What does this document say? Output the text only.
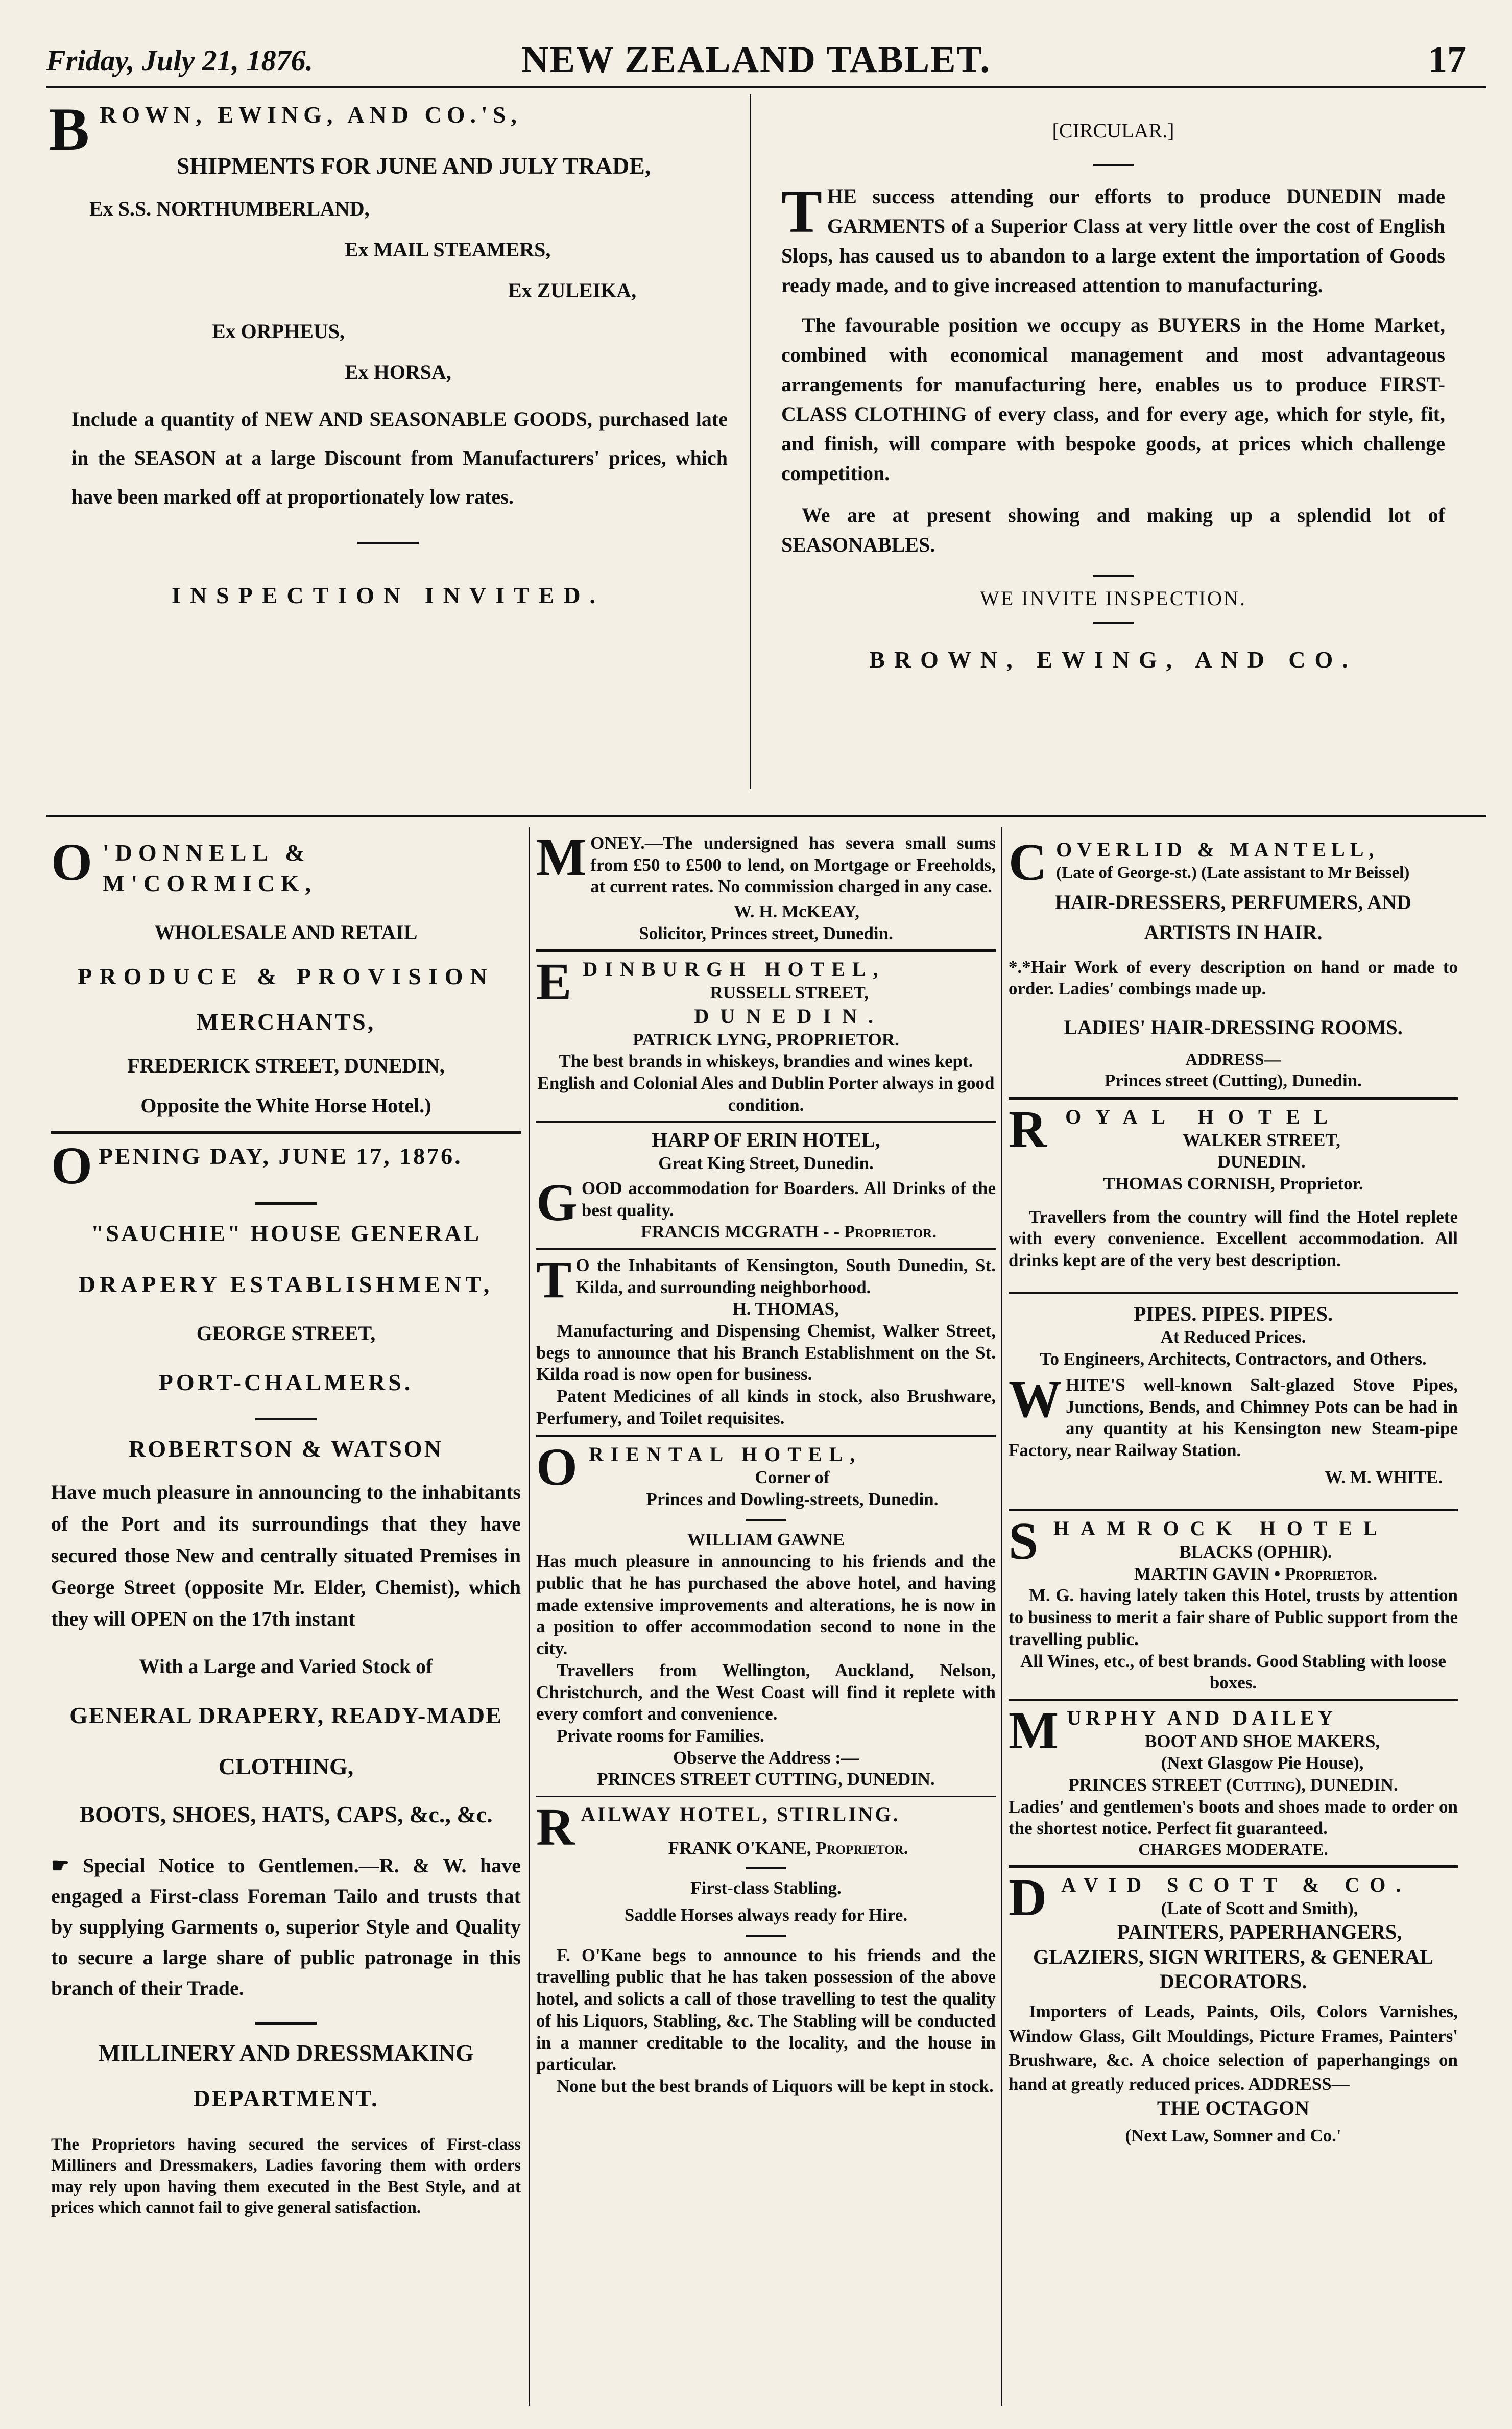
Friday, July 21, 1876.	NEW ZEALAND TABLET.	17

B ROWN, EWING, AND CO.'S,

SHIPMENTS FOR JUNE AND JULY TRADE,

Ex S.S. NORTHUMBERLAND,

Ex MAIL STEAMERS,

Ex ZULEIKA,

Ex ORPHEUS,

Ex HORSA,

Include a quantity of NEW AND SEASONABLE GOODS, purchased late in the SEASON at a large Discount from Manufacturers' prices, which have been marked off at proportionately low rates.

INSPECTION INVITED.

[CIRCULAR.]

T HE success attending our efforts to produce DUNEDIN made GARMENTS of a Superior Class at very little over the cost of English Slops, has caused us to abandon to a large extent the importation of Goods ready made, and to give increased attention to manufacturing.

The favourable position we occupy as BUYERS in the Home Market, combined with economical management and most advantageous arrangements for manufacturing here, enables us to produce FIRST-CLASS CLOTHING of every class, and for every age, which for style, fit, and finish, will compare with bespoke goods, at prices which challenge competition.

We are at present showing and making up a splendid lot of SEASONABLES.

WE INVITE INSPECTION.

BROWN, EWING, AND CO.

O 'DONNELL & M'CORMICK,

WHOLESALE AND RETAIL

PRODUCE & PROVISION

MERCHANTS,

FREDERICK STREET, DUNEDIN,

Opposite the White Horse Hotel.)

O PENING DAY, JUNE 17, 1876.

"SAUCHIE" HOUSE GENERAL

DRAPERY ESTABLISHMENT,

GEORGE STREET,

PORT-CHALMERS.

ROBERTSON & WATSON

Have much pleasure in announcing to the inhabitants of the Port and its surroundings that they have secured those New and centrally situated Premises in George Street (opposite Mr. Elder, Chemist), which they will OPEN on the 17th instant

With a Large and Varied Stock of

GENERAL DRAPERY, READY-MADE

CLOTHING,

BOOTS, SHOES, HATS, CAPS, &c., &c.

☛ Special Notice to Gentlemen.—R. & W. have engaged a First-class Foreman Tailo and trusts that by supplying Garments o, superior Style and Quality to secure a large share of public patronage in this branch of their Trade.

MILLINERY AND DRESSMAKING

DEPARTMENT.

The Proprietors having secured the services of First-class Milliners and Dressmakers, Ladies favoring them with orders may rely upon having them executed in the Best Style, and at prices which cannot fail to give general satisfaction.

M ONEY.—The undersigned has severa small sums from £50 to £500 to lend, on Mortgage or Freeholds, at current rates. No commission charged in any case.

W. H. McKEAY,

Solicitor, Princes street, Dunedin.

E DINBURGH HOTEL,

RUSSELL STREET,

DUNEDIN.

PATRICK LYNG, PROPRIETOR.

The best brands in whiskeys, brandies and wines kept.

English and Colonial Ales and Dublin Porter always in good condition.

HARP OF ERIN HOTEL,

Great King Street, Dunedin.

G OOD accommodation for Boarders. All Drinks of the best quality.

FRANCIS MCGRATH - - Proprietor.

T O the Inhabitants of Kensington, South Dunedin, St. Kilda, and surrounding neighborhood.

H. THOMAS,

Manufacturing and Dispensing Chemist, Walker Street, begs to announce that his Branch Establishment on the St. Kilda road is now open for business.

Patent Medicines of all kinds in stock, also Brushware, Perfumery, and Toilet requisites.

O RIENTAL HOTEL,

Corner of

Princes and Dowling-streets, Dunedin.

WILLIAM GAWNE

Has much pleasure in announcing to his friends and the public that he has purchased the above hotel, and having made extensive improvements and alterations, he is now in a position to offer accommodation second to none in the city.

Travellers from Wellington, Auckland, Nelson, Christchurch, and the West Coast will find it replete with every comfort and convenience.

Private rooms for Families.

Observe the Address :—

PRINCES STREET CUTTING, DUNEDIN.

R AILWAY HOTEL, STIRLING.

FRANK O'KANE, Proprietor.

First-class Stabling.

Saddle Horses always ready for Hire.

F. O'Kane begs to announce to his friends and the travelling public that he has taken possession of the above hotel, and solicts a call of those travelling to test the quality of his Liquors, Stabling, &c. The Stabling will be conducted in a manner creditable to the locality, and the house in particular.

None but the best brands of Liquors will be kept in stock.

C OVERLID & MANTELL,

(Late of George-st.) (Late assistant to Mr Beissel)

HAIR-DRESSERS, PERFUMERS, AND

ARTISTS IN HAIR.

*.*Hair Work of every description on hand or made to order. Ladies' combings made up.

LADIES' HAIR-DRESSING ROOMS.

ADDRESS—

Princes street (Cutting), Dunedin.

R OYAL HOTEL

WALKER STREET,

DUNEDIN.

THOMAS CORNISH, Proprietor.

Travellers from the country will find the Hotel replete with every convenience. Excellent accommodation. All drinks kept are of the very best description.

PIPES. PIPES. PIPES.

At Reduced Prices.

To Engineers, Architects, Contractors, and Others.

W HITE'S well-known Salt-glazed Stove Pipes, Junctions, Bends, and Chimney Pots can be had in any quantity at his Kensington new Steam-pipe Factory, near Railway Station.

W. M. WHITE.

S HAMROCK HOTEL

BLACKS (OPHIR).

MARTIN GAVIN • Proprietor.

M. G. having lately taken this Hotel, trusts by attention to business to merit a fair share of Public support from the travelling public.

All Wines, etc., of best brands. Good Stabling with loose boxes.

M URPHY AND DAILEY

BOOT AND SHOE MAKERS,

(Next Glasgow Pie House),

PRINCES STREET (Cutting), DUNEDIN.

Ladies' and gentlemen's boots and shoes made to order on the shortest notice. Perfect fit guaranteed.

CHARGES MODERATE.

D AVID SCOTT & CO.

(Late of Scott and Smith),

PAINTERS, PAPERHANGERS,

GLAZIERS, SIGN WRITERS, & GENERAL DECORATORS.

Importers of Leads, Paints, Oils, Colors Varnishes, Window Glass, Gilt Mouldings, Picture Frames, Painters' Brushware, &c. A choice selection of paperhangings on hand at greatly reduced prices. ADDRESS—

THE OCTAGON

(Next Law, Somner and Co.'
